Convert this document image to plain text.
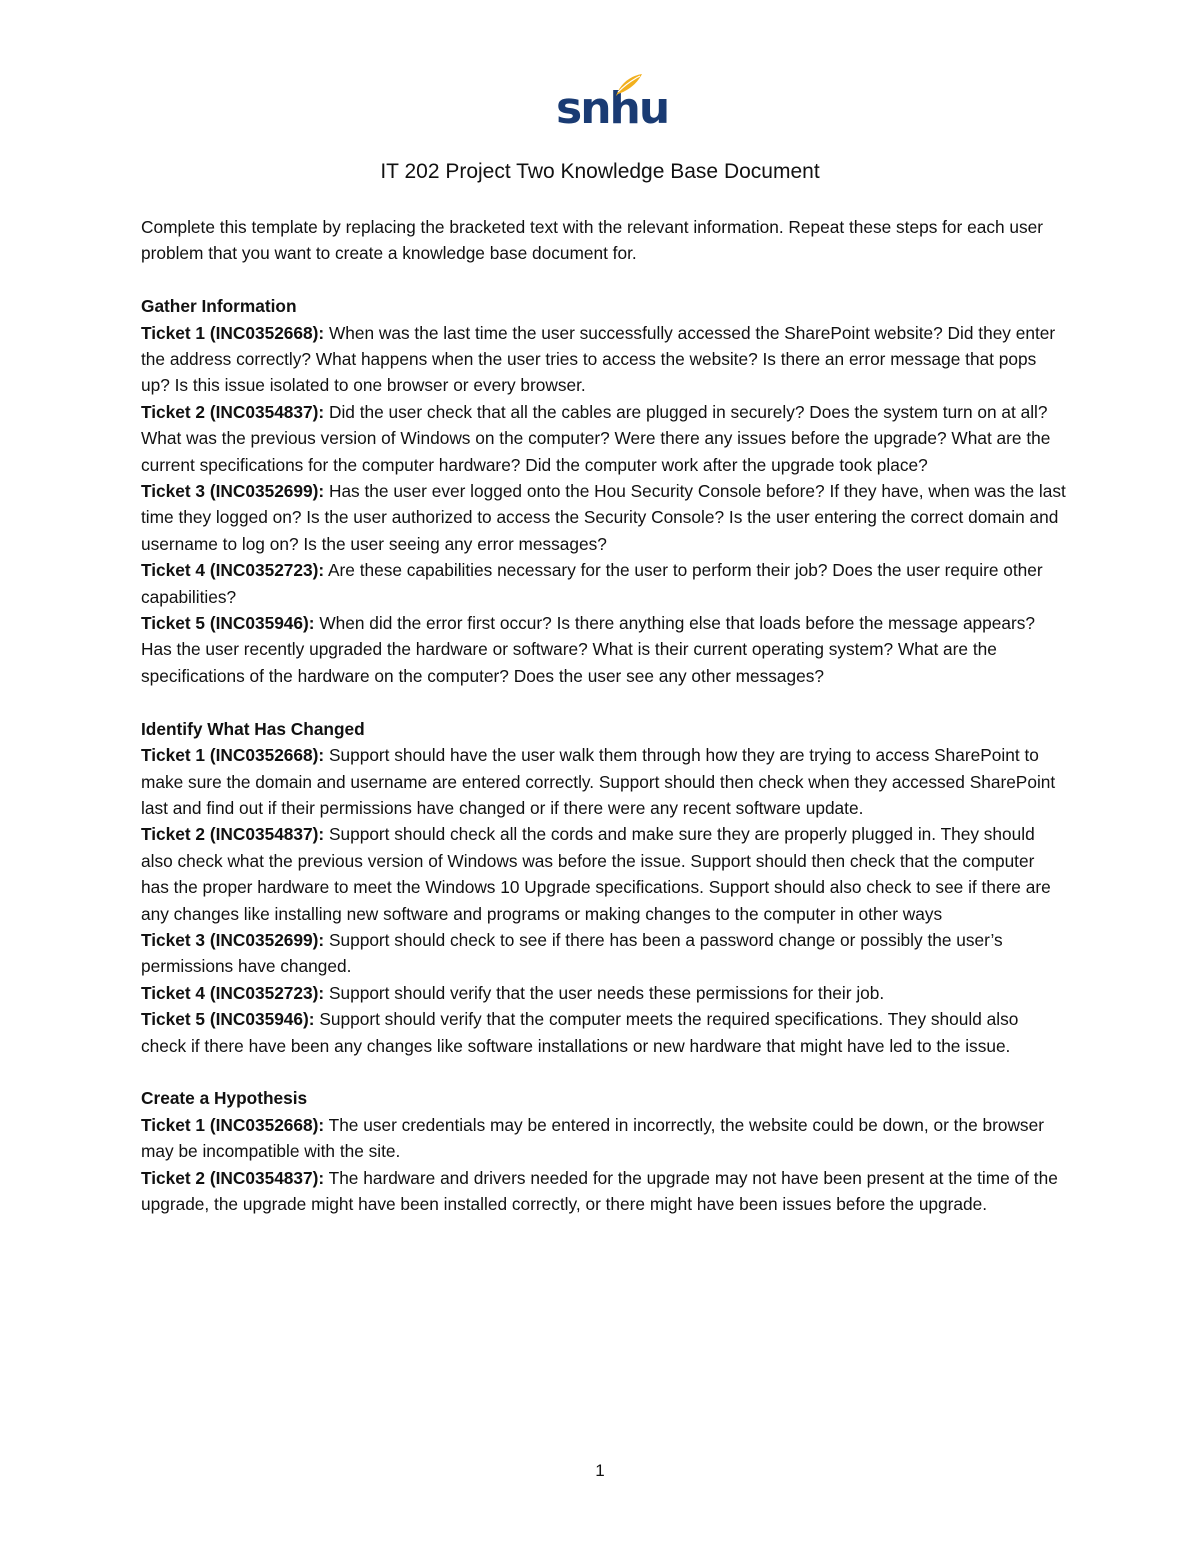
snhu
IT 202 Project Two Knowledge Base Document

Complete this template by replacing the bracketed text with the relevant information. Repeat these steps for each user problem that you want to create a knowledge base document for.

Gather Information

Ticket 1 (INC0352668): When was the last time the user successfully accessed the SharePoint website? Did they enter the address correctly? What happens when the user tries to access the website? Is there an error message that pops up? Is this issue isolated to one browser or every browser.

Ticket 2 (INC0354837): Did the user check that all the cables are plugged in securely? Does the system turn on at all? What was the previous version of Windows on the computer? Were there any issues before the upgrade? What are the current specifications for the computer hardware? Did the computer work after the upgrade took place?

Ticket 3 (INC0352699): Has the user ever logged onto the Hou Security Console before? If they have, when was the last time they logged on? Is the user authorized to access the Security Console? Is the user entering the correct domain and username to log on? Is the user seeing any error messages?

Ticket 4 (INC0352723): Are these capabilities necessary for the user to perform their job? Does the user require other capabilities?

Ticket 5 (INC035946): When did the error first occur? Is there anything else that loads before the message appears? Has the user recently upgraded the hardware or software? What is their current operating system? What are the specifications of the hardware on the computer? Does the user see any other messages?

Identify What Has Changed

Ticket 1 (INC0352668): Support should have the user walk them through how they are trying to access SharePoint to make sure the domain and username are entered correctly. Support should then check when they accessed SharePoint last and find out if their permissions have changed or if there were any recent software update.

Ticket 2 (INC0354837): Support should check all the cords and make sure they are properly plugged in. They should also check what the previous version of Windows was before the issue. Support should then check that the computer has the proper hardware to meet the Windows 10 Upgrade specifications. Support should also check to see if there are any changes like installing new software and programs or making changes to the computer in other ways

Ticket 3 (INC0352699): Support should check to see if there has been a password change or possibly the user’s permissions have changed.

Ticket 4 (INC0352723): Support should verify that the user needs these permissions for their job.

Ticket 5 (INC035946): Support should verify that the computer meets the required specifications. They should also check if there have been any changes like software installations or new hardware that might have led to the issue.

Create a Hypothesis

Ticket 1 (INC0352668): The user credentials may be entered in incorrectly, the website could be down, or the browser may be incompatible with the site.

Ticket 2 (INC0354837): The hardware and drivers needed for the upgrade may not have been present at the time of the upgrade, the upgrade might have been installed correctly, or there might have been issues before the upgrade.

1
